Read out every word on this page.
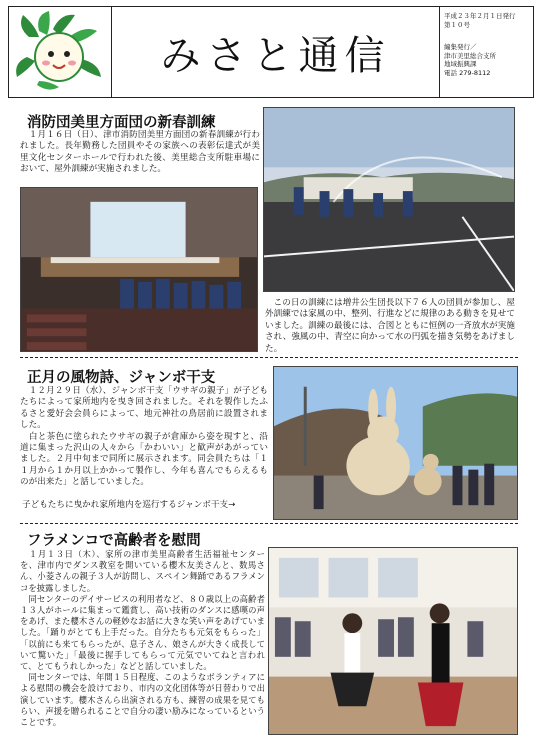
みさと通信
平成２３年２月１日発行
第１０号
編集発行／
津市美里総合支所
地域振興課
電話 279-8112
消防団美里方面団の新春訓練
　１月１６日（日）、津市消防団美里方面団の新春訓練が行われました。長年勤務した団員やその家族への表彰伝達式が美里文化センターホールで行われた後、美里総合支所駐車場において、屋外訓練が実施されました。
　この日の訓練には増井公生団長以下７６人の団員が参加し、屋外訓練では家風の中、整列、行進などに規律のある動きを見せていました。訓練の最後には、合図とともに恒例の一斉放水が実施され、強風の中、青空に向かって水の円弧を描き気勢をあげました。
正月の風物詩、ジャンボ干支
　１２月２９日（水）、ジャンボ干支「ウサギの親子」が子どもたちによって家所地内を曳き回されました。それを製作したふるさと愛好会会員らによって、地元神社の鳥居前に設置されました。
　白と茶色に塗られたウサギの親子が倉庫から姿を現すと、沿道に集まった沢山の人々から「かわいい」と歓声があがっていました。２月中旬まで同所に展示されます。同会員たちは「１１月から１か月以上かかって製作し、今年も喜んでもらえるものが出来た」と話していました。
子どもたちに曳かれ家所地内を巡行するジャンボ干支→
フラメンコで高齢者を慰問
　１月１３日（木）、家所の津市美里高齢者生活福祉センターを、津市内でダンス教室を開いている櫻木友美さんと、数馬さん、小菱さんの親子３人が訪問し、スペイン舞踊であるフラメンコを披露しました。
　同センターのデイサービスの利用者など、８０歳以上の高齢者１３人がホールに集まって鑑賞し、高い技術のダンスに感嘆の声をあげ、また櫻木さんの軽妙なお話に大きな笑い声をあげていました。「踊りがとても上手だった。自分たちも元気をもらった」「以前にも来てもらったが、息子さん、娘さんが大きく成長していて驚いた」「最後に握手してもらって元気でいてねと言われて、とてもうれしかった」などと話していました。
　同センターでは、年間１５日程度、このようなボランティアによる慰問の機会を設けており、市内の文化団体等が日替わりで出演しています。櫻木さんら出演される方も、練習の成果を見てもらい、声援を贈られることで自分の凄い励みになっているということです。
